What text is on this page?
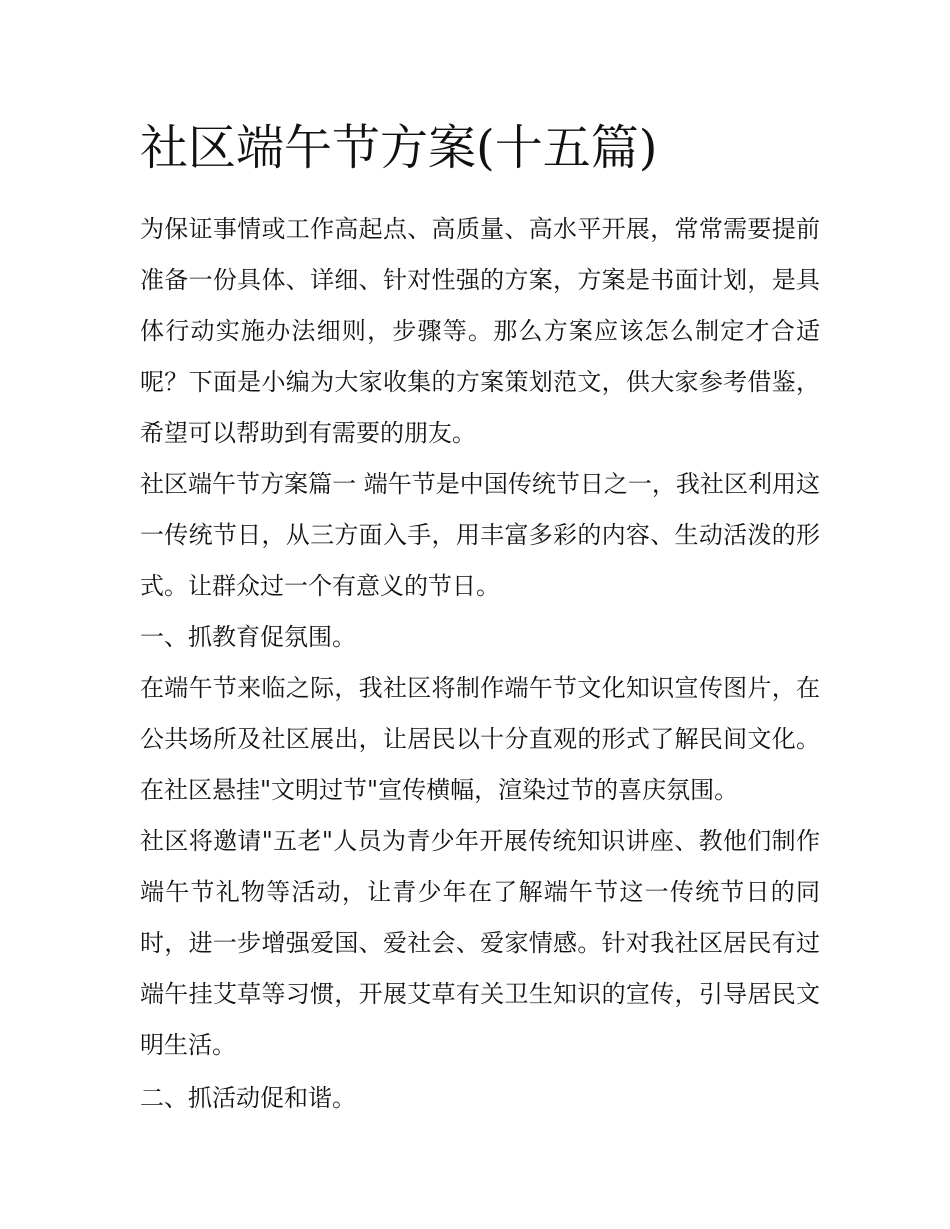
社区端午节方案(十五篇)

为保证事情或工作高起点、高质量、高水平开展，常常需要提前准备一份具体、详细、针对性强的方案，方案是书面计划，是具体行动实施办法细则，步骤等。那么方案应该怎么制定才合适呢？下面是小编为大家收集的方案策划范文，供大家参考借鉴，希望可以帮助到有需要的朋友。

社区端午节方案篇一 端午节是中国传统节日之一，我社区利用这一传统节日，从三方面入手，用丰富多彩的内容、生动活泼的形式。让群众过一个有意义的节日。

一、抓教育促氛围。

在端午节来临之际，我社区将制作端午节文化知识宣传图片，在公共场所及社区展出，让居民以十分直观的形式了解民间文化。在社区悬挂"文明过节"宣传横幅，渲染过节的喜庆氛围。

社区将邀请"五老"人员为青少年开展传统知识讲座、教他们制作端午节礼物等活动，让青少年在了解端午节这一传统节日的同时，进一步增强爱国、爱社会、爱家情感。针对我社区居民有过端午挂艾草等习惯，开展艾草有关卫生知识的宣传，引导居民文明生活。

二、抓活动促和谐。
